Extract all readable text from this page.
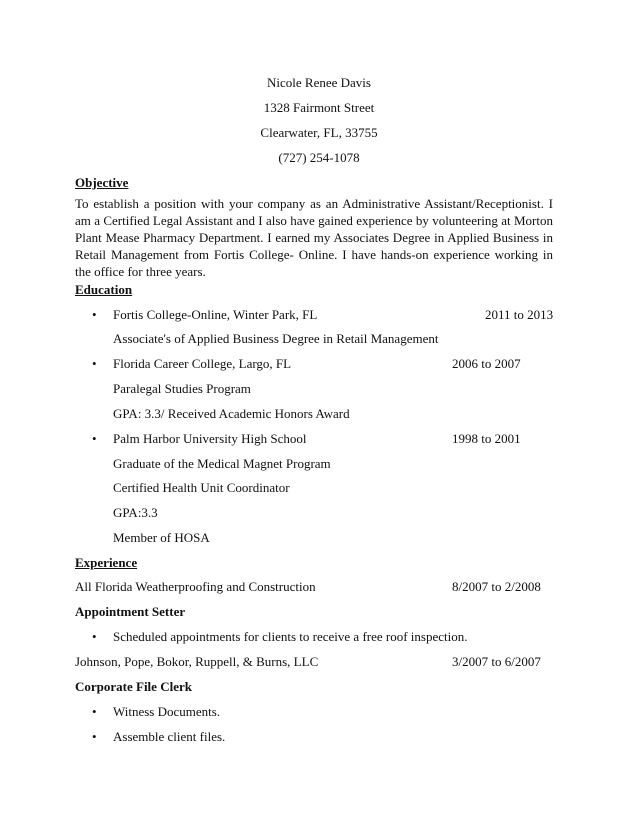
Nicole Renee Davis
1328 Fairmont Street
Clearwater, FL, 33755
(727) 254-1078
Objective
To establish a position with your company as an Administrative Assistant/Receptionist. I am a Certified Legal Assistant and I also have gained experience by volunteering at Morton Plant Mease Pharmacy Department. I earned my Associates Degree in Applied Business in Retail Management from Fortis College- Online. I have hands-on experience working in the office for three years.
Education
• Fortis College-Online, Winter Park, FL	2011 to 2013
Associate's of Applied Business Degree in Retail Management
• Florida Career College, Largo, FL	2006 to 2007
Paralegal Studies Program
GPA: 3.3/ Received Academic Honors Award
• Palm Harbor University High School	1998 to 2001
Graduate of the Medical Magnet Program
Certified Health Unit Coordinator
GPA:3.3
Member of HOSA
Experience
All Florida Weatherproofing and Construction	8/2007 to 2/2008
Appointment Setter
• Scheduled appointments for clients to receive a free roof inspection.
Johnson, Pope, Bokor, Ruppell, & Burns, LLC	3/2007 to 6/2007
Corporate File Clerk
• Witness Documents.
• Assemble client files.
